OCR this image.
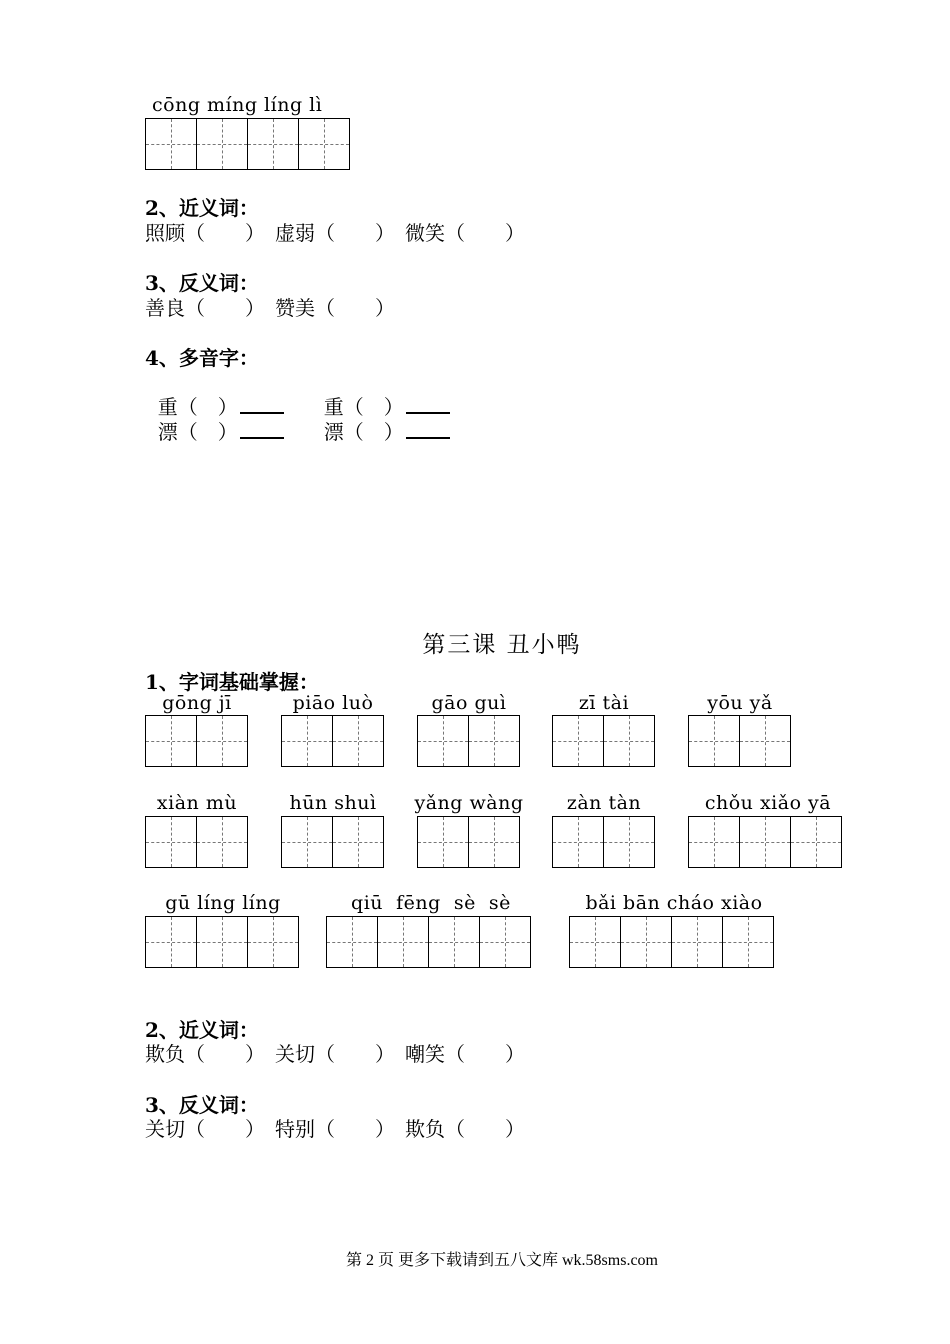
cōng míng líng lì
2、近义词：
照顾（　　）　虚弱（　　）　微笑（　　）
3、反义词：
善良（　　）　赞美（　　）
4、多音字：

重（　）　　	重（　）

漂（　）　　	漂（　）

第三课 丑小鸭
1、字词基础掌握：
gōng jī	piāo luò	gāo guì	zī tài	yōu yǎ
xiàn mù	hūn shuì	yǎng wàng	zàn tàn	chǒu xiǎo yā
gū líng líng	qiū  fēng  sè  sè	bǎi bān cháo xiào
2、近义词：
欺负（　　）　关切（　　）　嘲笑（　　）
3、反义词：
关切（　　）　特别（　　）　欺负（　　）
第 2 页 更多下载请到五八文库 wk.58sms.com
